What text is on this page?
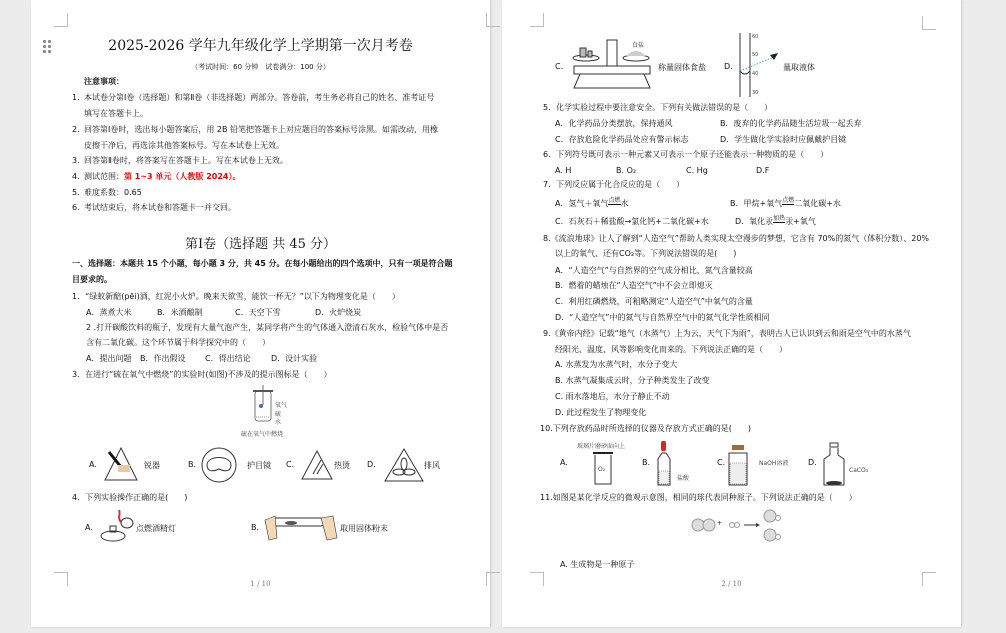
2025-2026 学年九年级化学上学期第一次月考卷
（考试时间：60 分钟　试卷满分：100 分）
注意事项：
1. 本试卷分第Ⅰ卷（选择题）和第Ⅱ卷（非选择题）两部分。答卷前，考生务必将自己的姓名、准考证号
填写在答题卡上。
2. 回答第Ⅰ卷时，选出每小题答案后，用 2B 铅笔把答题卡上对应题目的答案标号涂黑。如需改动，用橡
皮擦干净后，再选涂其他答案标号。写在本试卷上无效。
3. 回答第Ⅱ卷时，将答案写在答题卡上。写在本试卷上无效。
4. 测试范围：第 1~3 单元（人教版 2024）。
5. 难度系数：0.65
6. 考试结束后，将本试卷和答题卡一并交回。
第Ⅰ卷（选择题 共 45 分）
一、选择题：本题共 15 个小题，每小题 3 分，共 45 分。在每小题给出的四个选项中，只有一项是符合题
目要求的。
1．“绿蚁新醅(pēi)酒，红泥小火炉。晚来天欲雪，能饮一杯无？”以下为物理变化是（　　）
A．蒸煮大米	B．米酒酿制	C．天空下雪	D．火炉烧炭
2 .打开碳酸饮料的瓶子，发现有大量气泡产生，某同学将产生的气体通入澄清石灰水，检验气体中是否
含有二氧化碳。这个环节属于科学探究中的（　　）
A．提出问题 B．作出假设 C．得出结论	D．设计实验
3．在进行“硫在氧气中燃烧”的实验时(如图)不涉及的提示图标是（　　）
氧气
硫
水
硫在氧气中燃烧
A.	锐器	B.	护目镜 C.	热烫 D.	排风
4．下列实验操作正确的是(　　)
A.	点燃酒精灯	B.	取用固体粉末
1 / 10
C.
食盐
称量固体食盐 D.
60
50
40
30
量取液体
5．化学实验过程中要注意安全。下列有关做法错误的是（　　）
A．化学药品分类摆放，保持通风	B．废弃的化学药品随生活垃圾一起丢弃
C．存放危险化学药品处应有警示标志	D．学生做化学实验时应佩戴护目镜
6．下列符号既可表示一种元素又可表示一个原子还能表示一种物质的是（　　）
A. H	B. O₂	C. Hg	D.F
7．下列反应属于化合反应的是（　　）
A．氢气＋氧气点燃水	B．甲烷+氧气点燃二氧化碳+水
C．石灰石＋稀盐酸→氯化钙+二氧化碳+水	D．氧化汞加热汞+氧气
8.《流浪地球》让人了解到“人造空气”帮助人类实现太空漫步的梦想，它含有 70%的氮气（体积分数）、20%
以上的氧气、还有CO₂等。下列说法错误的是(　　)
A．“人造空气”与自然界的空气成分相比，氮气含量较高
B．燃着的蜡烛在“人造空气”中不会立即熄灭
C．利用红磷燃烧，可粗略测定“人造空气”中氧气的含量
D．“人造空气”中的氮气与自然界空气中的氮气化学性质相同
9.《黄帝内经》记载“地气（水蒸气）上为云，天气下为雨”，表明古人已认识到云和雨是空气中的水蒸气
经阳光、温度、风等影响变化而来的。下列说法正确的是（　　）
A. 水蒸发为水蒸气时，水分子变大
B. 水蒸气凝集成云时，分子种类发生了改变
C. 雨水落地后，水分子静止不动
D. 此过程发生了物理变化
10.下列存放药品时所选择的仪器及存放方式正确的是(　　)
A.
玻璃片磨砂面向上
O₂
B.
盐酸
C.	NaOH溶液 D.
CaCO₃
11.如图是某化学反应的微观示意图，相同的球代表同种原子。下列说法正确的是（　　）
+
A. 生成物是一种原子
2 / 10
